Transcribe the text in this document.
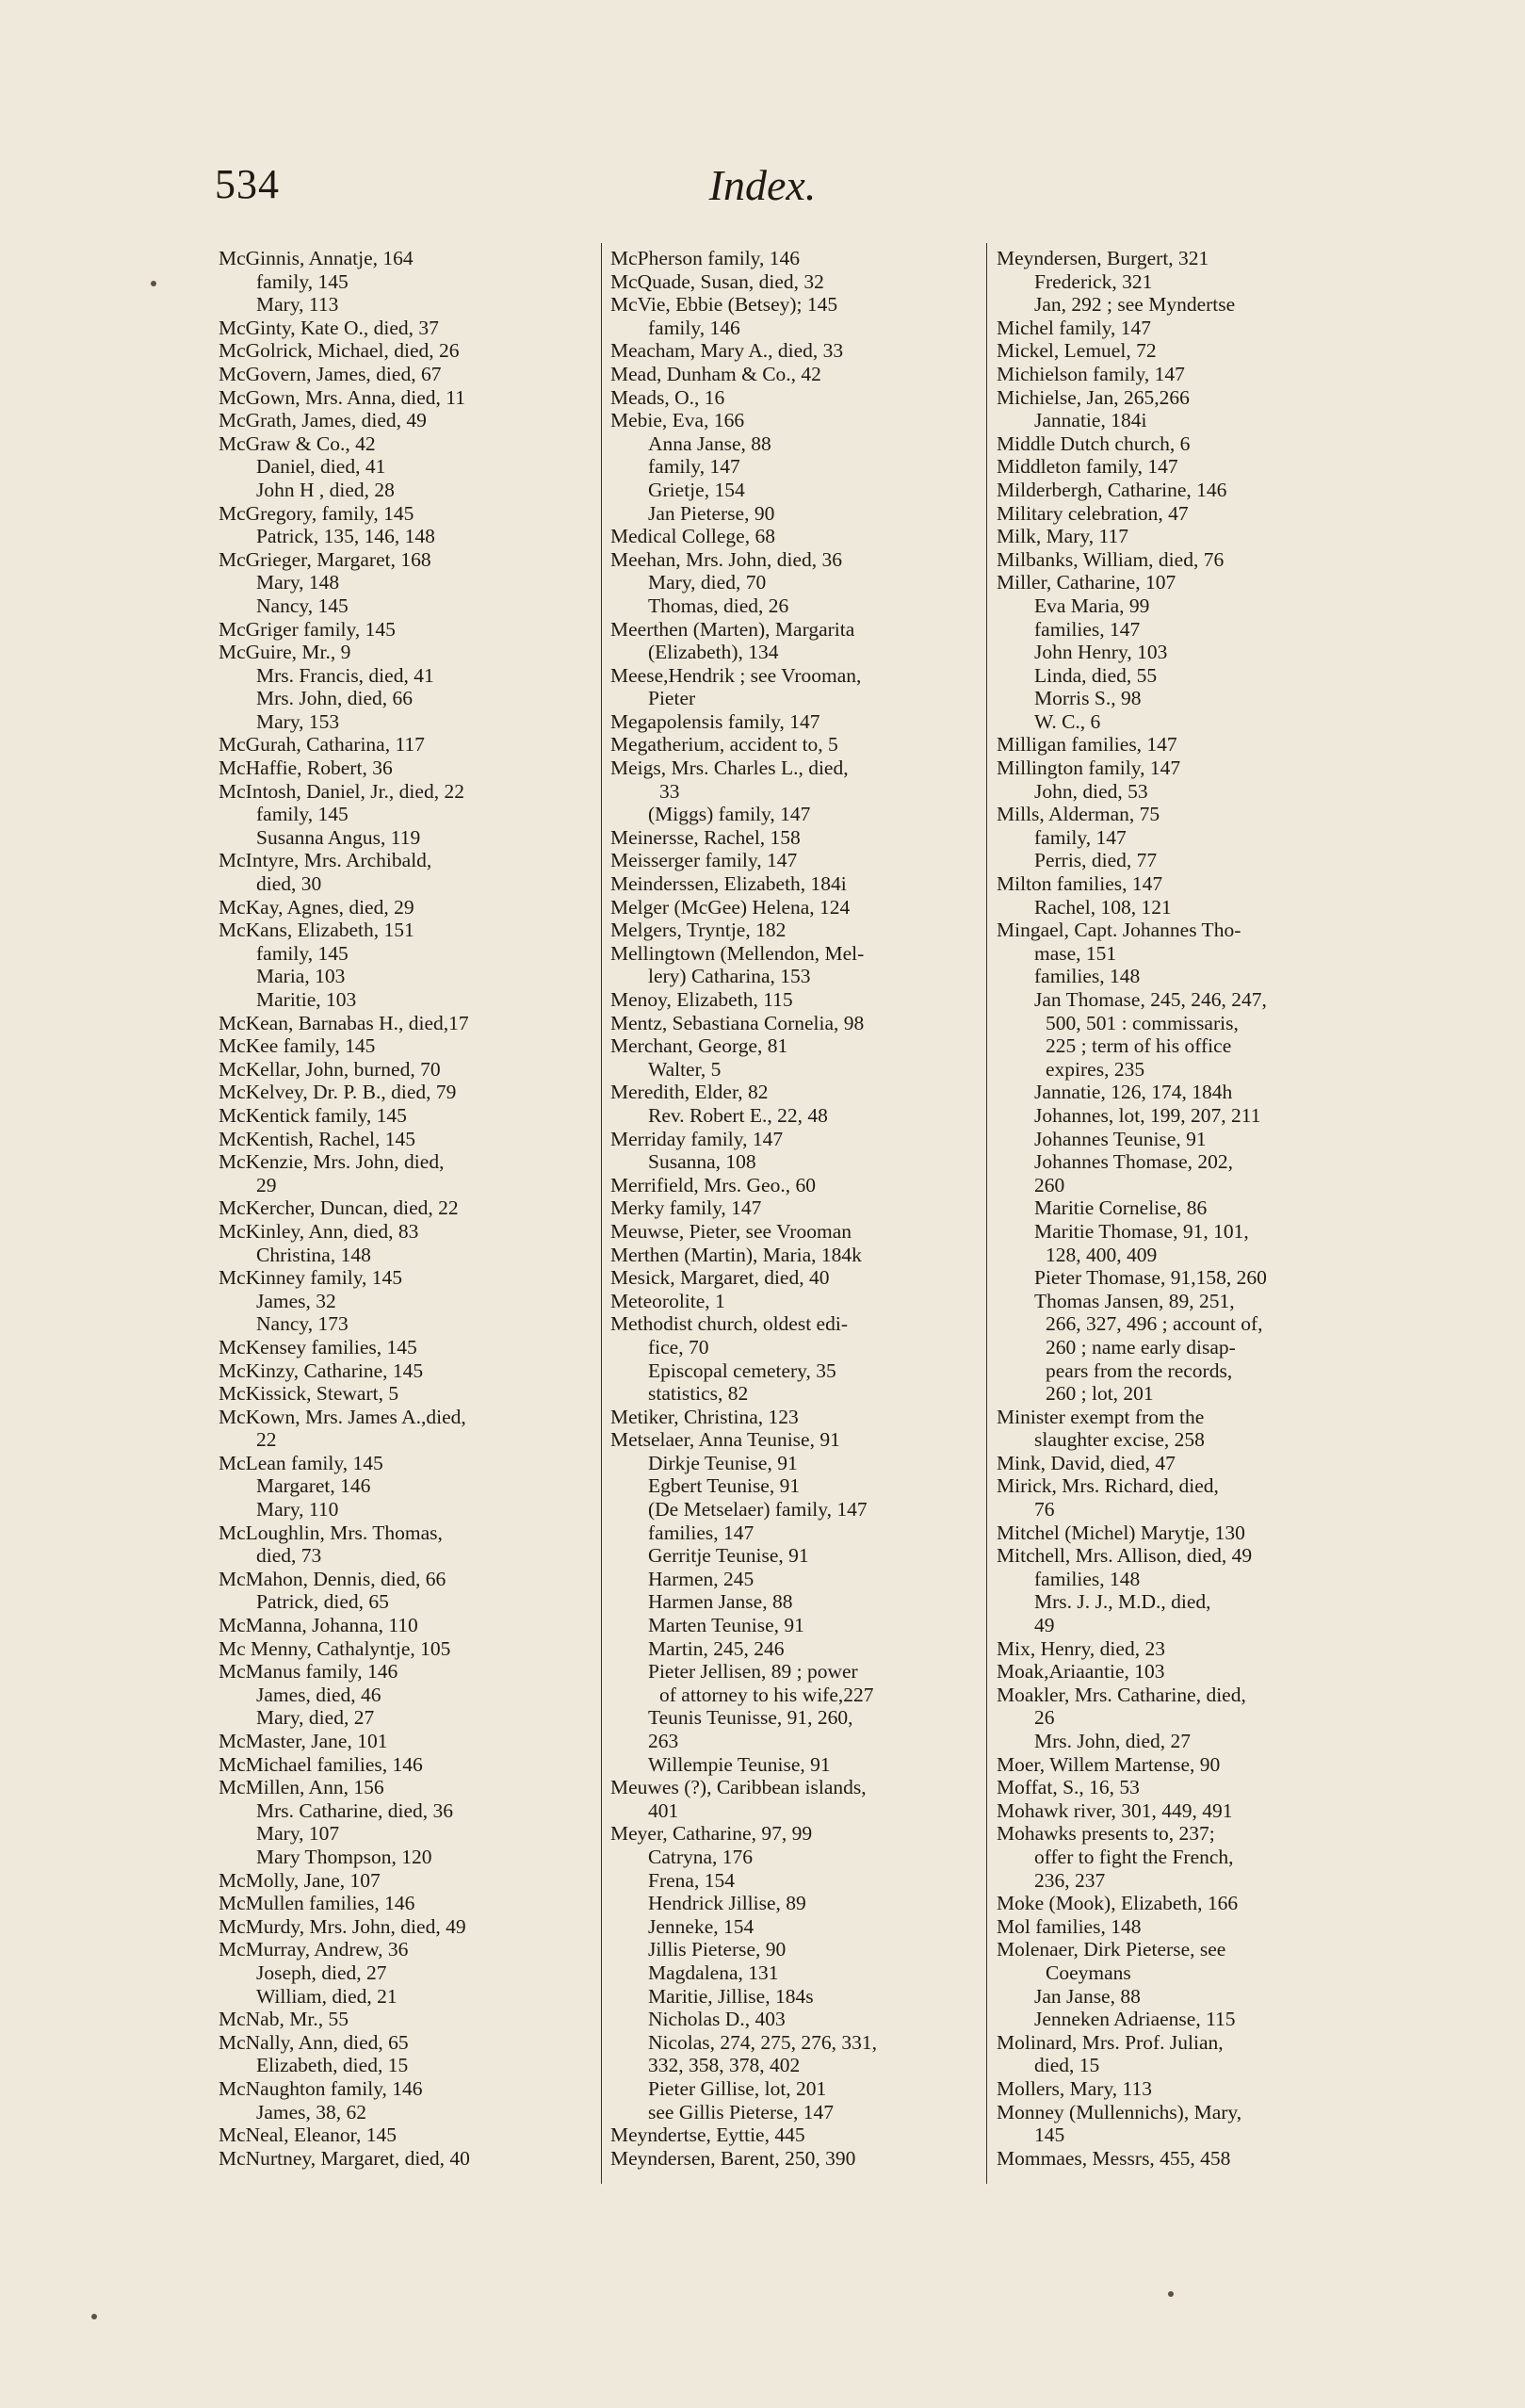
534	Index.
McGinnis, Annatje, 164
family, 145
Mary, 113
McGinty, Kate O., died, 37
McGolrick, Michael, died, 26
McGovern, James, died, 67
McGown, Mrs. Anna, died, 11
McGrath, James, died, 49
McGraw & Co., 42
Daniel, died, 41
John H , died, 28
McGregory, family, 145
Patrick, 135, 146, 148
McGrieger, Margaret, 168
Mary, 148
Nancy, 145
McGriger family, 145
McGuire, Mr., 9
Mrs. Francis, died, 41
Mrs. John, died, 66
Mary, 153
McGurah, Catharina, 117
McHaffie, Robert, 36
McIntosh, Daniel, Jr., died, 22
family, 145
Susanna Angus, 119
McIntyre, Mrs. Archibald,
died, 30
McKay, Agnes, died, 29
McKans, Elizabeth, 151
family, 145
Maria, 103
Maritie, 103
McKean, Barnabas H., died,17
McKee family, 145
McKellar, John, burned, 70
McKelvey, Dr. P. B., died, 79
McKentick family, 145
McKentish, Rachel, 145
McKenzie, Mrs. John, died,
29
McKercher, Duncan, died, 22
McKinley, Ann, died, 83
Christina, 148
McKinney family, 145
James, 32
Nancy, 173
McKensey families, 145
McKinzy, Catharine, 145
McKissick, Stewart, 5
McKown, Mrs. James A.,died,
22
McLean family, 145
Margaret, 146
Mary, 110
McLoughlin, Mrs. Thomas,
died, 73
McMahon, Dennis, died, 66
Patrick, died, 65
McManna, Johanna, 110
Mc Menny, Cathalyntje, 105
McManus family, 146
James, died, 46
Mary, died, 27
McMaster, Jane, 101
McMichael families, 146
McMillen, Ann, 156
Mrs. Catharine, died, 36
Mary, 107
Mary Thompson, 120
McMolly, Jane, 107
McMullen families, 146
McMurdy, Mrs. John, died, 49
McMurray, Andrew, 36
Joseph, died, 27
William, died, 21
McNab, Mr., 55
McNally, Ann, died, 65
Elizabeth, died, 15
McNaughton family, 146
James, 38, 62
McNeal, Eleanor, 145
McNurtney, Margaret, died, 40
McPherson family, 146
McQuade, Susan, died, 32
McVie, Ebbie (Betsey); 145
family, 146
Meacham, Mary A., died, 33
Mead, Dunham & Co., 42
Meads, O., 16
Mebie, Eva, 166
Anna Janse, 88
family, 147
Grietje, 154
Jan Pieterse, 90
Medical College, 68
Meehan, Mrs. John, died, 36
Mary, died, 70
Thomas, died, 26
Meerthen (Marten), Margarita
(Elizabeth), 134
Meese,Hendrik ; see Vrooman,
Pieter
Megapolensis family, 147
Megatherium, accident to, 5
Meigs, Mrs. Charles L., died,
33
(Miggs) family, 147
Meinersse, Rachel, 158
Meisserger family, 147
Meinderssen, Elizabeth, 184i
Melger (McGee) Helena, 124
Melgers, Tryntje, 182
Mellingtown (Mellendon, Mel-
lery) Catharina, 153
Menoy, Elizabeth, 115
Mentz, Sebastiana Cornelia, 98
Merchant, George, 81
Walter, 5
Meredith, Elder, 82
Rev. Robert E., 22, 48
Merriday family, 147
Susanna, 108
Merrifield, Mrs. Geo., 60
Merky family, 147
Meuwse, Pieter, see Vrooman
Merthen (Martin), Maria, 184k
Mesick, Margaret, died, 40
Meteorolite, 1
Methodist church, oldest edi-
fice, 70
Episcopal cemetery, 35
statistics, 82
Metiker, Christina, 123
Metselaer, Anna Teunise, 91
Dirkje Teunise, 91
Egbert Teunise, 91
(De Metselaer) family, 147
families, 147
Gerritje Teunise, 91
Harmen, 245
Harmen Janse, 88
Marten Teunise, 91
Martin, 245, 246
Pieter Jellisen, 89 ; power
of attorney to his wife,227
Teunis Teunisse, 91, 260,
263
Willempie Teunise, 91
Meuwes (?), Caribbean islands,
401
Meyer, Catharine, 97, 99
Catryna, 176
Frena, 154
Hendrick Jillise, 89
Jenneke, 154
Jillis Pieterse, 90
Magdalena, 131
Maritie, Jillise, 184s
Nicholas D., 403
Nicolas, 274, 275, 276, 331,
332, 358, 378, 402
Pieter Gillise, lot, 201
see Gillis Pieterse, 147
Meyndertse, Eyttie, 445
Meyndersen, Barent, 250, 390
Meyndersen, Burgert, 321
Frederick, 321
Jan, 292 ; see Myndertse
Michel family, 147
Mickel, Lemuel, 72
Michielson family, 147
Michielse, Jan, 265,266
Jannatie, 184i
Middle Dutch church, 6
Middleton family, 147
Milderbergh, Catharine, 146
Military celebration, 47
Milk, Mary, 117
Milbanks, William, died, 76
Miller, Catharine, 107
Eva Maria, 99
families, 147
John Henry, 103
Linda, died, 55
Morris S., 98
W. C., 6
Milligan families, 147
Millington family, 147
John, died, 53
Mills, Alderman, 75
family, 147
Perris, died, 77
Milton families, 147
Rachel, 108, 121
Mingael, Capt. Johannes Tho-
mase, 151
families, 148
Jan Thomase, 245, 246, 247,
500, 501 : commissaris,
225 ; term of his office
expires, 235
Jannatie, 126, 174, 184h
Johannes, lot, 199, 207, 211
Johannes Teunise, 91
Johannes Thomase, 202,
260
Maritie Cornelise, 86
Maritie Thomase, 91, 101,
128, 400, 409
Pieter Thomase, 91,158, 260
Thomas Jansen, 89, 251,
266, 327, 496 ; account of,
260 ; name early disap-
pears from the records,
260 ; lot, 201
Minister exempt from the
slaughter excise, 258
Mink, David, died, 47
Mirick, Mrs. Richard, died,
76
Mitchel (Michel) Marytje, 130
Mitchell, Mrs. Allison, died, 49
families, 148
Mrs. J. J., M.D., died,
49
Mix, Henry, died, 23
Moak,Ariaantie, 103
Moakler, Mrs. Catharine, died,
26
Mrs. John, died, 27
Moer, Willem Martense, 90
Moffat, S., 16, 53
Mohawk river, 301, 449, 491
Mohawks presents to, 237;
offer to fight the French,
236, 237
Moke (Mook), Elizabeth, 166
Mol families, 148
Molenaer, Dirk Pieterse, see
Coeymans
Jan Janse, 88
Jenneken Adriaense, 115
Molinard, Mrs. Prof. Julian,
died, 15
Mollers, Mary, 113
Monney (Mullennichs), Mary,
145
Mommaes, Messrs, 455, 458
